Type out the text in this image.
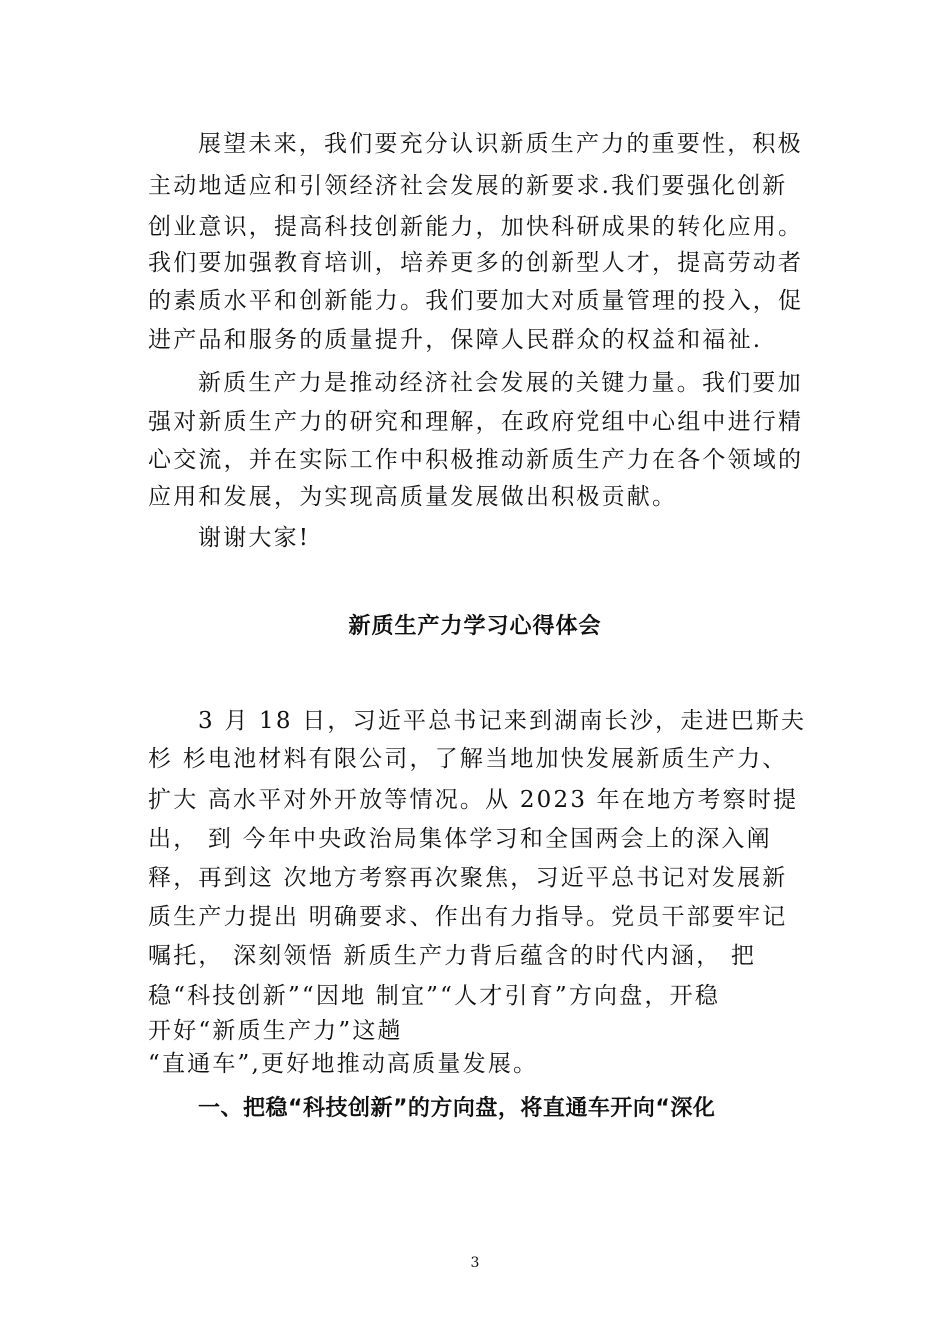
展望未来，我们要充分认识新质生产力的重要性，积极
主动地适应和引领经济社会发展的新要求.我们要强化创新
创业意识，提高科技创新能力，加快科研成果的转化应用。
我们要加强教育培训，培养更多的创新型人才，提高劳动者
的素质水平和创新能力。我们要加大对质量管理的投入，促
进产品和服务的质量提升，保障人民群众的权益和福祉.
新质生产力是推动经济社会发展的关键力量。我们要加
强对新质生产力的研究和理解，在政府党组中心组中进行精
心交流，并在实际工作中积极推动新质生产力在各个领域的
应用和发展，为实现高质量发展做出积极贡献。
谢谢大家!
新质生产力学习心得体会
3 月 18 日，习近平总书记来到湖南长沙，走进巴斯夫
杉 杉电池材料有限公司，了解当地加快发展新质生产力、
扩大 高水平对外开放等情况。从 2023 年在地方考察时提
出， 到 今年中央政治局集体学习和全国两会上的深入阐
释，再到这 次地方考察再次聚焦，习近平总书记对发展新
质生产力提出 明确要求、作出有力指导。党员干部要牢记
嘱托， 深刻领悟 新质生产力背后蕴含的时代内涵， 把
稳“科技创新”“因地 制宜”“人才引育”方向盘，开稳
开好“新质生产力”这趟
“直通车”,更好地推动高质量发展。
一、把稳“科技创新”的方向盘，将直通车开向“深化
3
